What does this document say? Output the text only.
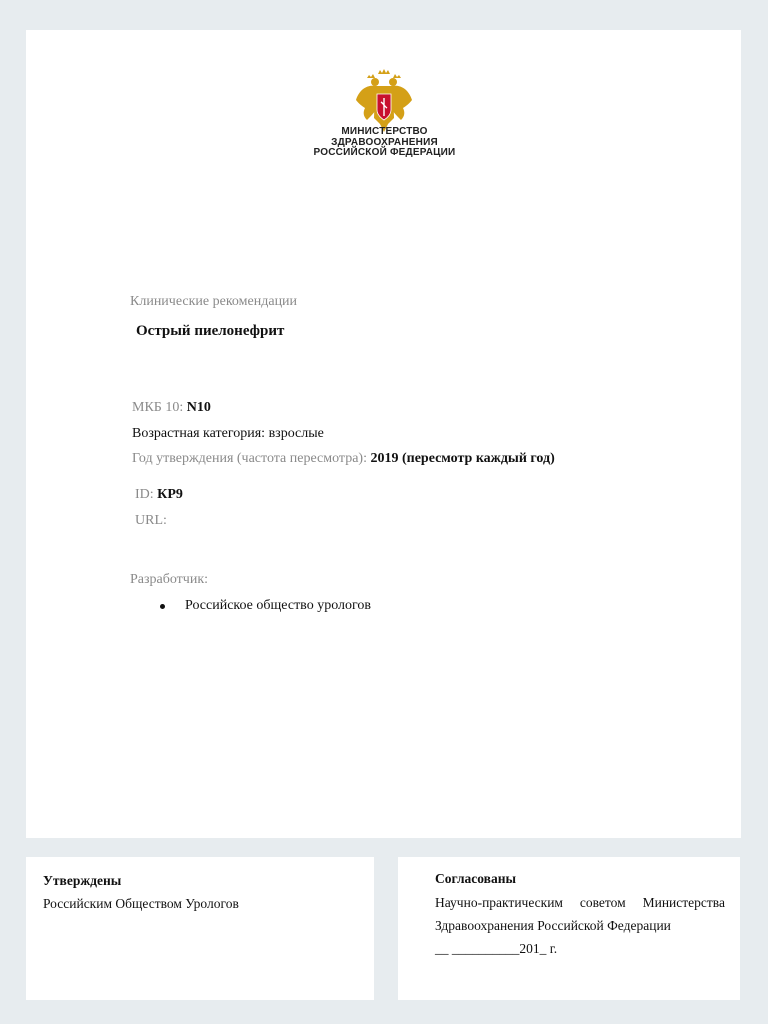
МИНИСТЕРСТВО
ЗДРАВООХРАНЕНИЯ
РОССИЙСКОЙ ФЕДЕРАЦИИ
Клинические рекомендации
Острый пиелонефрит
МКБ 10: N10
Возрастная категория: взрослые
Год утверждения (частота пересмотра): 2019 (пересмотр каждый год)
ID: КР9
URL:
Разработчик:
Российское общество урологов
Утверждены
Российским Обществом Урологов
Согласованы
Научно-практическим советом Министерства
Здравоохранения Российской Федерации
__ __________201_ г.
